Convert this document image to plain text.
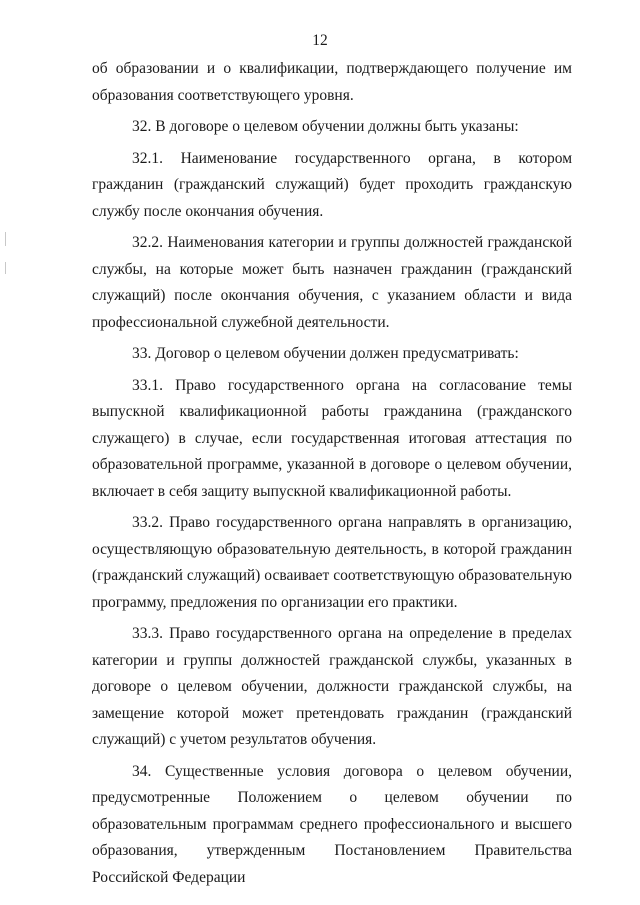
12

об образовании и о квалификации, подтверждающего получение им образования соответствующего уровня.

32. В договоре о целевом обучении должны быть указаны:

32.1. Наименование государственного органа, в котором гражданин (гражданский служащий) будет проходить гражданскую службу после окончания обучения.

32.2. Наименования категории и группы должностей гражданской службы, на которые может быть назначен гражданин (гражданский служащий) после окончания обучения, с указанием области и вида профессиональной служебной деятельности.

33. Договор о целевом обучении должен предусматривать:

33.1. Право государственного органа на согласование темы выпускной квалификационной работы гражданина (гражданского служащего) в случае, если государственная итоговая аттестация по образовательной программе, указанной в договоре о целевом обучении, включает в себя защиту выпускной квалификационной работы.

33.2. Право государственного органа направлять в организацию, осуществляющую образовательную деятельность, в которой гражданин (гражданский служащий) осваивает соответствующую образовательную программу, предложения по организации его практики.

33.3. Право государственного органа на определение в пределах категории и группы должностей гражданской службы, указанных в договоре о целевом обучении, должности гражданской службы, на замещение которой может претендовать гражданин (гражданский служащий) с учетом результатов обучения.

34. Существенные условия договора о целевом обучении, предусмотренные Положением о целевом обучении по образовательным программам среднего профессионального и высшего образования, утвержденным Постановлением Правительства Российской Федерации
